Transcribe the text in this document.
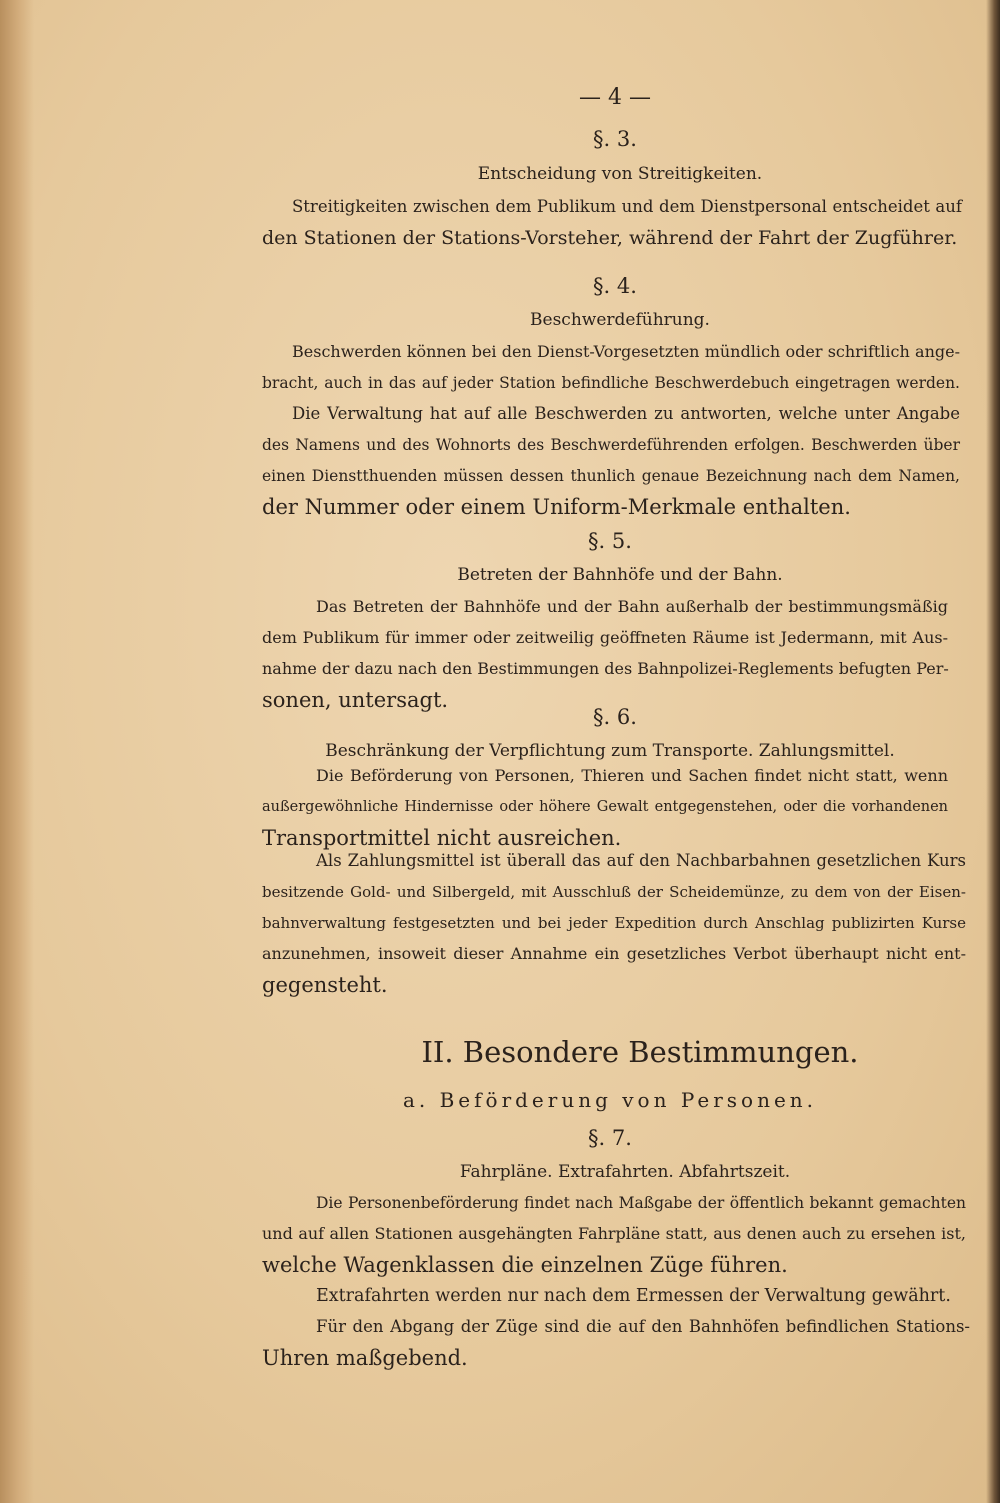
— 4 —
§. 3.
Entscheidung von Streitigkeiten.
Streitigkeiten zwischen dem Publikum und dem Dienstpersonal entscheidet auf
den Stationen der Stations-Vorsteher, während der Fahrt der Zugführer.
§. 4.
Beschwerdeführung.
Beschwerden können bei den Dienst-Vorgesetzten mündlich oder schriftlich ange-
bracht, auch in das auf jeder Station befindliche Beschwerdebuch eingetragen werden.
Die Verwaltung hat auf alle Beschwerden zu antworten, welche unter Angabe
des Namens und des Wohnorts des Beschwerdeführenden erfolgen. Beschwerden über
einen Dienstthuenden müssen dessen thunlich genaue Bezeichnung nach dem Namen,
der Nummer oder einem Uniform-Merkmale enthalten.
§. 5.
Betreten der Bahnhöfe und der Bahn.
Das Betreten der Bahnhöfe und der Bahn außerhalb der bestimmungsmäßig
dem Publikum für immer oder zeitweilig geöffneten Räume ist Jedermann, mit Aus-
nahme der dazu nach den Bestimmungen des Bahnpolizei-Reglements befugten Per-
sonen, untersagt.
§. 6.
Beschränkung der Verpflichtung zum Transporte. Zahlungsmittel.
Die Beförderung von Personen, Thieren und Sachen findet nicht statt, wenn
außergewöhnliche Hindernisse oder höhere Gewalt entgegenstehen, oder die vorhandenen
Transportmittel nicht ausreichen.
Als Zahlungsmittel ist überall das auf den Nachbarbahnen gesetzlichen Kurs
besitzende Gold- und Silbergeld, mit Ausschluß der Scheidemünze, zu dem von der Eisen-
bahnverwaltung festgesetzten und bei jeder Expedition durch Anschlag publizirten Kurse
anzunehmen, insoweit dieser Annahme ein gesetzliches Verbot überhaupt nicht ent-
gegensteht.
II. Besondere Bestimmungen.
a. Beförderung von Personen.
§. 7.
Fahrpläne. Extrafahrten. Abfahrtszeit.
Die Personenbeförderung findet nach Maßgabe der öffentlich bekannt gemachten
und auf allen Stationen ausgehängten Fahrpläne statt, aus denen auch zu ersehen ist,
welche Wagenklassen die einzelnen Züge führen.
Extrafahrten werden nur nach dem Ermessen der Verwaltung gewährt.
Für den Abgang der Züge sind die auf den Bahnhöfen befindlichen Stations-
Uhren maßgebend.
